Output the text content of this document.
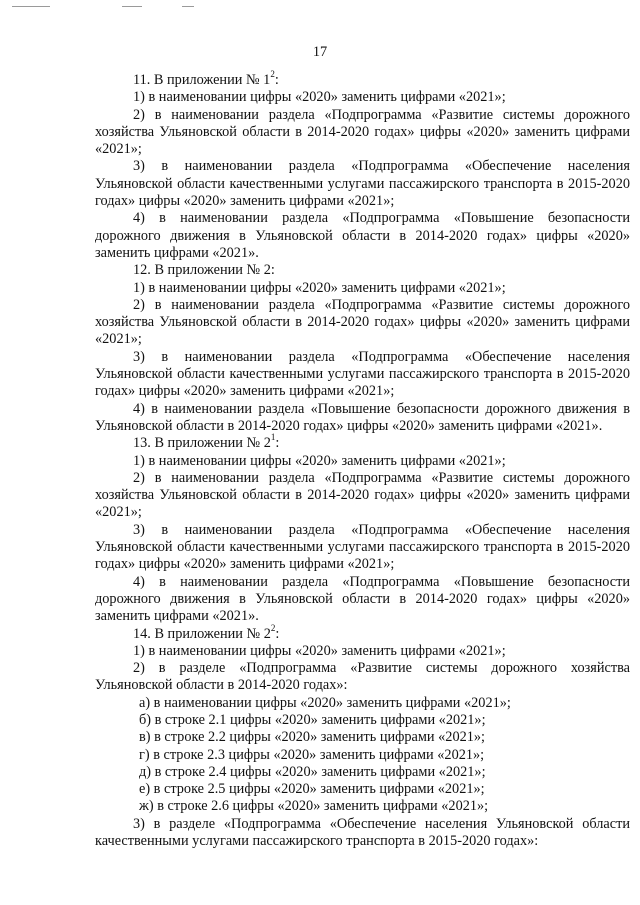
17

11. В приложении № $1^2$:

1) в наименовании цифры «2020» заменить цифрами «2021»;

2) в наименовании раздела «Подпрограмма «Развитие системы дорожного хозяйства Ульяновской области в 2014-2020 годах» цифры «2020» заменить цифрами «2021»;

3) в наименовании раздела «Подпрограмма «Обеспечение населения Ульяновской области качественными услугами пассажирского транспорта в 2015-2020 годах» цифры «2020» заменить цифрами «2021»;

4) в наименовании раздела «Подпрограмма «Повышение безопасности дорожного движения в Ульяновской области в 2014-2020 годах» цифры «2020» заменить цифрами «2021».

12. В приложении № 2:

1) в наименовании цифры «2020» заменить цифрами «2021»;

2) в наименовании раздела «Подпрограмма «Развитие системы дорожного хозяйства Ульяновской области в 2014-2020 годах» цифры «2020» заменить цифрами «2021»;

3) в наименовании раздела «Подпрограмма «Обеспечение населения Ульяновской области качественными услугами пассажирского транспорта в 2015-2020 годах» цифры «2020» заменить цифрами «2021»;

4) в наименовании раздела «Повышение безопасности дорожного движения в Ульяновской области в 2014-2020 годах» цифры «2020» заменить цифрами «2021».

13. В приложении № $2^1$:

1) в наименовании цифры «2020» заменить цифрами «2021»;

2) в наименовании раздела «Подпрограмма «Развитие системы дорожного хозяйства Ульяновской области в 2014-2020 годах» цифры «2020» заменить цифрами «2021»;

3) в наименовании раздела «Подпрограмма «Обеспечение населения Ульяновской области качественными услугами пассажирского транспорта в 2015-2020 годах» цифры «2020» заменить цифрами «2021»;

4) в наименовании раздела «Подпрограмма «Повышение безопасности дорожного движения в Ульяновской области в 2014-2020 годах» цифры «2020» заменить цифрами «2021».

14. В приложении № $2^2$:

1) в наименовании цифры «2020» заменить цифрами «2021»;

2) в разделе «Подпрограмма «Развитие системы дорожного хозяйства Ульяновской области в 2014-2020 годах»:

а) в наименовании цифры «2020» заменить цифрами «2021»;

б) в строке 2.1 цифры «2020» заменить цифрами «2021»;

в) в строке 2.2 цифры «2020» заменить цифрами «2021»;

г) в строке 2.3 цифры «2020» заменить цифрами «2021»;

д) в строке 2.4 цифры «2020» заменить цифрами «2021»;

е) в строке 2.5 цифры «2020» заменить цифрами «2021»;

ж) в строке 2.6 цифры «2020» заменить цифрами «2021»;

3) в разделе «Подпрограмма «Обеспечение населения Ульяновской области качественными услугами пассажирского транспорта в 2015-2020 годах»:
